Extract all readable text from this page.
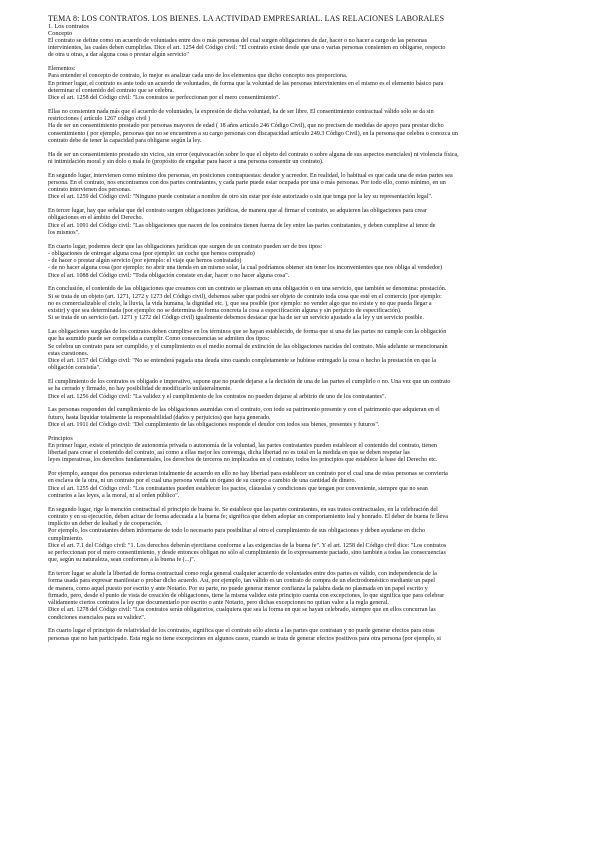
TEMA 8: LOS CONTRATOS. LOS BIENES. LA ACTIVIDAD EMPRESARIAL. LAS RELACIONES LABORALES
1. Los contratos
Concepto
El contrato se define como un acuerdo de voluntades entre dos o más personas del cual surgen obligaciones de dar, hacer o no hacer a cargo de las personas
intervinientes, las cuales deben cumplirlas. Dice el art. 1254 del Código civil: "El contrato existe desde que una o varias personas consienten en obligarse, respecto
de otra u otras, a dar alguna cosa o prestar algún servicio"
Elementos:
Para entender el concepto de contrato, lo mejor es analizar cada uno de los elementos que dicho concepto nos proporciona.
En primer lugar, el contrato es ante todo un acuerdo de voluntades, de forma que la voluntad de las personas intervinientes en el mismo es el elemento básico para
determinar el contenido del contrato que se celebra.
Dice el art. 1258 del Código civil: "Los contratos se perfeccionan por el mero consentimiento".
Ellas no consienten nada más que el acuerdo de voluntades, la expresión de dicha voluntad, ha de ser libre. El consentimiento contractual válido sólo se da sin
restricciones ( artículo 1267 código civil )
Ha de ser un consentimiento prestado por personas mayores de edad ( 18 años artículo 246 Código Civil), que no precisen de medidas de apoyo para prestar dicho
consentimiento ( por ejemplo, personas que no se encuentren a su cargo personas con discapacidad artículo 249.3 Código Civil), en la persona que celebra o conozca un
contrato debe de tener la capacidad para obligarse según la ley.
Ha de ser un consentimiento prestado sin vicios, sin error (equivocación sobre lo que el objeto del contrato o sobre alguna de sus aspectos esenciales) ni violencia física,
ni intimidación moral y sin dolo o mala fe (propósito de engañar para hacer a una persona consentir un contrato).
En segundo lugar, intervienen como mínimo dos personas, en posiciones contrapuestas: deudor y acreedor. En realidad, lo habitual es que cada una de estas partes sea
persona. En el contrato, nos encontramos con dos partes contratantes, y cada parte puede estar ocupada por una o más personas. Por todo ello, como mínimo, en un
contrato intervienen dos personas.
Dice el art. 1259 del Código civil: "Ninguno puede contratar a nombre de otro sin estar por éste autorizado o sin que tenga por la ley su representación legal".
En tercer lugar, hay que señalar que del contrato surgen obligaciones jurídicas, de manera que al firmar el contrato, se adquieren las obligaciones para crear
obligaciones en el ámbito del Derecho.
Dice el art. 1091 del Código civil: "Las obligaciones que nacen de los contratos tienen fuerza de ley entre las partes contratantes, y deben cumplirse al tenor de
los mismos".
En cuarto lugar, podemos decir que las obligaciones jurídicas que surgen de un contrato pueden ser de tres tipos:
- obligaciones de entregar alguna cosa (por ejemplo: un coche que hemos comprado)
- de hacer o prestar algún servicio (por ejemplo: el viaje que hemos contratado)
- de no hacer alguna cosa (por ejemplo: no abrir una tienda en un mismo solar, la cual podríamos obtener sin tener los inconvenientes que nos obliga al vendedor)
Dice el art. 1088 del Código civil: "Toda obligación consiste en dar, hacer o no hacer alguna cosa".
En conclusión, el contenido de las obligaciones que creamos con un contrato se plasman en una obligación o en una servicio, que también se denomina: prestación.
Si se trata de un objeto (art. 1271, 1272 y 1273 del Código civil), debemos saber que podrá ser objeto de contrato toda cosa que esté en el comercio (por ejemplo:
no es comercializable el cielo, la lluvia, la vida humana, la dignidad etc. ), que sea posible (por ejemplo: no vender algo que no existe y no que pueda llegar a
existir) y que sea determinada (por ejemplo: no se determina de forma concreta la cosa a especificación alguna y sin perjuicio de especificación).
Si se trata de un servicio (art. 1271 y 1272 del Código civil) igualmente debemos destacar que ha de ser un servicio ajustado a la ley y un servicio posible.
Las obligaciones surgidas de los contratos deben cumplirse en los términos que se hayan establecido, de forma que si una de las partes no cumple con la obligación
que ha asumido puede ser compelida a cumplir. Como consecuencias se admiten dos tipos:
Se celebra un contrato para ser cumplido, y el cumplimiento es el medio normal de extinción de las obligaciones nacidas del contrato. Más adelante se mencionarán
estas cuestiones.
Dice el art. 1157 del Código civil: "No se entenderá pagada una deuda sino cuando completamente se hubiese entregado la cosa o hecho la prestación en que la
obligación consistía".
El cumplimiento de los contratos es obligado e imperativo, supone que no puede dejarse a la decisión de una de las partes el cumplirlo o no. Una vez que un contrato
se ha cerrado y firmado, no hay posibilidad de modificarlo unilateralmente.
Dice el art. 1256 del Código civil: "La validez y el cumplimiento de los contratos no pueden dejarse al arbitrio de uno de los contratantes".
Las personas responden del cumplimiento de las obligaciones asumidas con el contrato, con todo su patrimonio presente y con el patrimonio que adquieran en el
futuro, hasta liquidar totalmente la responsabilidad (daños y perjuicios) que haya generado.
Dice el art. 1911 del Código civil: "Del cumplimiento de las obligaciones responde el deudor con todos sus bienes, presentes y futuros".
Principios
En primer lugar, existe el principio de autonomía privada o autonomía de la voluntad, las partes contratantes pueden establecer el contenido del contrato, tienen
libertad para crear el contenido del contrato, así como a ellas mejor les convenga, dicha libertad no es total en la medida en que se deben respetar las
leyes imperativas, los derechos fundamentales, los derechos de terceros no implicados en el contrato, todos los principios que establece la base del Derecho etc.
Por ejemplo, aunque dos personas estuvieran totalmente de acuerdo en ello no hay libertad para establecer un contrato por el cual una de estas personas se convierta
en esclava de la otra, ni un contrato por el cual una persona venda un órgano de su cuerpo a cambio de una cantidad de dinero.
Dice el art. 1255 del Código civil: "Los contratantes pueden establecer los pactos, cláusulas y condiciones que tengan por conveniente, siempre que no sean
contrarios a las leyes, a la moral, ni al orden público".
En segundo lugar, rige la mención contractual el principio de buena fe. Se establece que las partes contratantes, en sus tratos contractuales, en la celebración del
contrato y en su ejecución, deben actuar de forma adecuada a la buena fe; significa que deben adoptar un comportamiento leal y honrado. El deber de buena fe lleva
implícito un deber de lealtad y de cooperación.
Por ejemplo, los contratantes deben informarse de todo lo necesario para posibilitar al otro el cumplimiento de sus obligaciones y deben ayudarse en dicho
cumplimiento.
Dice el art. 7.1 del Código civil: "1. Los derechos deberán ejercitarse conforme a las exigencias de la buena fe". Y el art. 1258 del Código civil dice: "Los contratos
se perfeccionan por el mero consentimiento, y desde entonces obligan no sólo al cumplimiento de lo expresamente pactado, sino también a todas las consecuencias
que, según su naturaleza, sean conformes a la buena fe (...)".
En tercer lugar se alude la libertad de forma contractual como regla general cualquier acuerdo de voluntades entre dos partes es válido, con independencia de la
forma usada para expresar manifestar o probar dicho acuerdo. Así, por ejemplo, tan válido es un contrato de compra de un electrodoméstico mediante un papel
de manera, como aquel puesto por escrito y ante Notario. Por su parte, no puede generar menor confianza la palabra dada no plasmada en un papel escrito y
firmado, pero, desde el punto de vista de creación de obligaciones, tiene la misma validez este principio cuenta con excepciones, lo que significa que para celebrar
válidamente ciertos contratos la ley que documentarlo por escrito o ante Notario, pero dichas excepciones no quitan valor a la regla general.
Dice el art. 1278 del Código civil: "Los contratos serán obligatorios, cualquiera que sea la forma en que se hayan celebrado, siempre que en ellos concurran las
condiciones esenciales para su validez".
En cuarto lugar el principio de relatividad de los contratos, significa que el contrato sólo afecta a las partes que contratan y no puede generar efectos para otras
personas que no han participado. Esta regla no tiene excepciones en algunos casos, cuando se trata de generar efectos positivos para otra persona (por ejemplo, si
